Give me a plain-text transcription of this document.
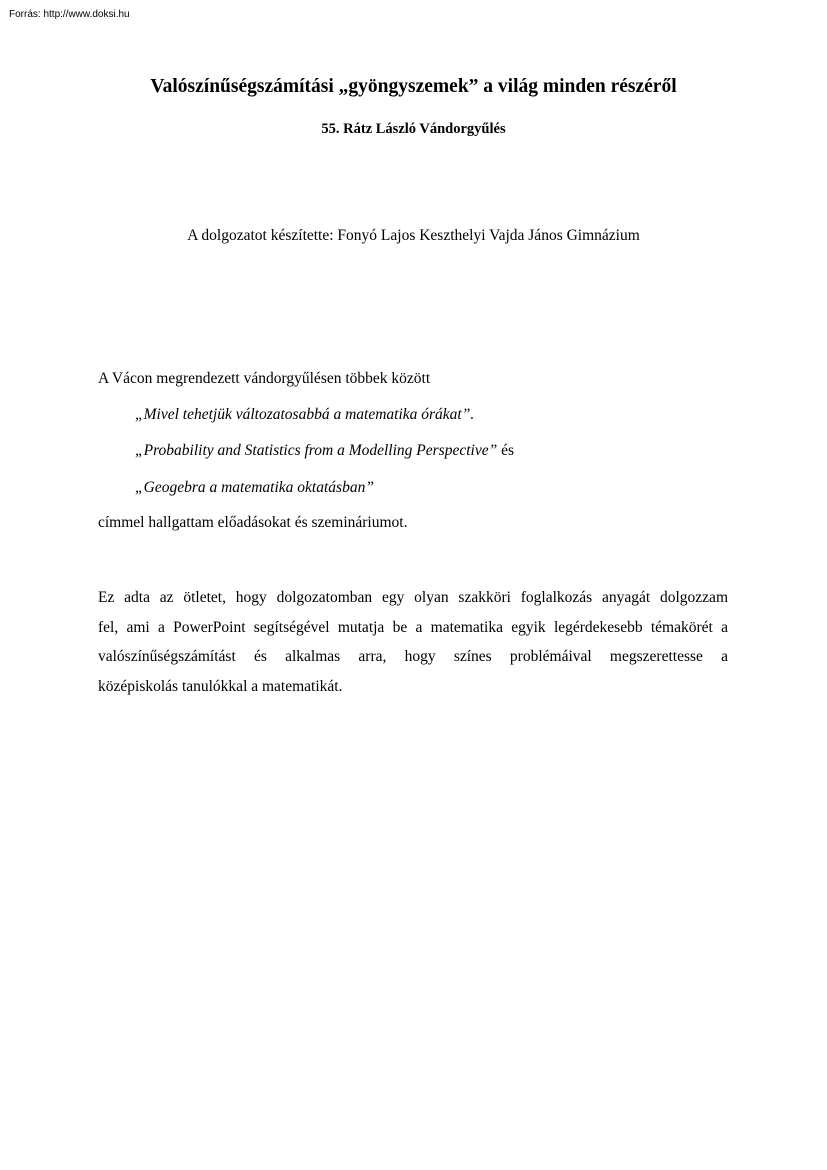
Forrás: http://www.doksi.hu
Valószínűségszámítási „gyöngyszemek” a világ minden részéről
55. Rátz László Vándorgyűlés
A dolgozatot készítette: Fonyó Lajos Keszthelyi Vajda János Gimnázium
A Vácon megrendezett vándorgyűlésen többek között
„Mivel tehetjük változatosabbá a matematika órákat”.
„Probability and Statistics from a Modelling Perspective” és
„Geogebra a matematika oktatásban”
címmel hallgattam előadásokat és szemináriumot.
Ez adta az ötletet, hogy dolgozatomban egy olyan szakköri foglalkozás anyagát dolgozzam
fel, ami a PowerPoint segítségével mutatja be a matematika egyik legérdekesebb témakörét a
valószínűségszámítást és alkalmas arra, hogy színes problémáival megszerettesse a
középiskolás tanulókkal a matematikát.
